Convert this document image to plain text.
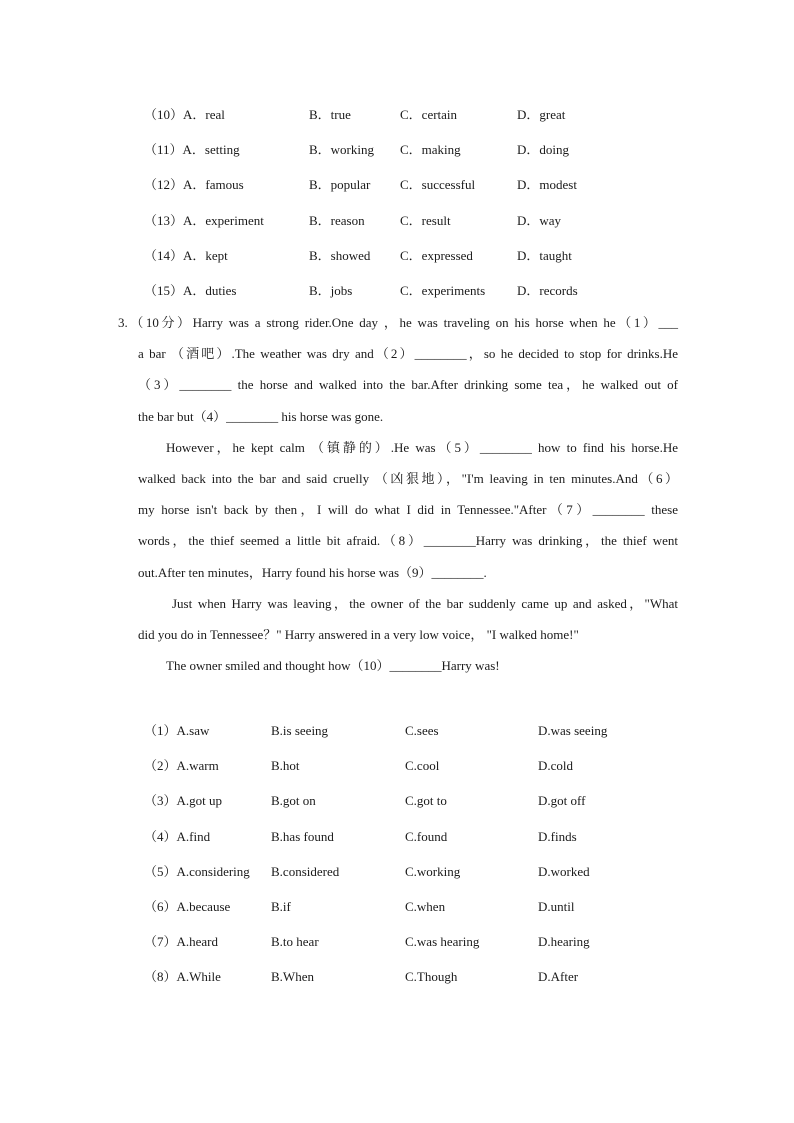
（10）A．real	B．true	C．certain	D．great
（11）A．setting	B．working C．making	D．doing
（12）A．famous	B．popular C．successful	D．modest
（13）A．experiment	B．reason	C．result	D．way
（14）A．kept	B．showed C．expressed	D．taught
（15）A．duties	B．jobs	C．experiments D．records
3.（10分）Harry was a strong rider.One day ，he was traveling on his horse when he（1）___
a bar （酒吧）.The weather was dry and（2）________，so he decided to stop for drinks.He
（3）________ the horse and walked into the bar.After drinking some tea，he walked out of
the bar but（4）________ his horse was gone.
However，he kept calm （镇静的）.He was（5）________ how to find his horse.He
walked back into the bar and said cruelly （凶狠地），"I'm leaving in ten minutes.And（6）
my horse isn't back by then，I will do what I did in Tennessee."After（7）________ these
words，the thief seemed a little bit afraid.（8）________Harry was drinking，the thief went
out.After ten minutes，Harry found his horse was（9）________.
Just when Harry was leaving，the owner of the bar suddenly came up and asked，"What
did you do in Tennessee？" Harry answered in a very low voice， "I walked home!"
The owner smiled and thought how（10）________Harry was!
（1）A.saw	B.is seeing	C.sees	D.was seeing
（2）A.warm	B.hot	C.cool	D.cold
（3）A.got up	B.got on	C.got to	D.got off
（4）A.find	B.has found	C.found	D.finds
（5）A.considering B.considered	C.working	D.worked
（6）A.because	B.if	C.when	D.until
（7）A.heard	B.to hear	C.was hearing	D.hearing
（8）A.While	B.When	C.Though	D.After
